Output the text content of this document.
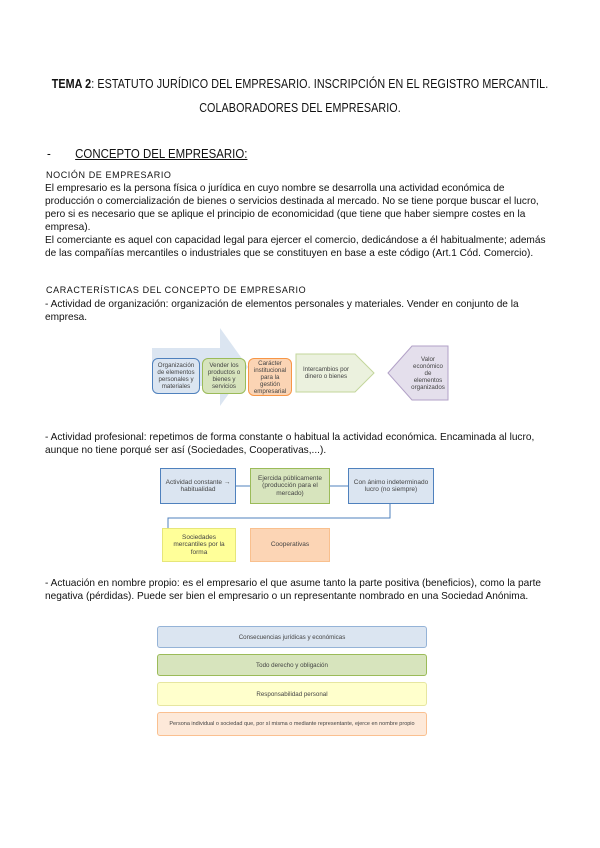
TEMA 2: ESTATUTO JURÍDICO DEL EMPRESARIO. INSCRIPCIÓN EN EL REGISTRO MERCANTIL.
COLABORADORES DEL EMPRESARIO.
- CONCEPTO DEL EMPRESARIO:
NOCIÓN DE EMPRESARIO

El empresario es la persona física o jurídica en cuyo nombre se desarrolla una actividad económica de producción o comercialización de bienes o servicios destinada al mercado. No se tiene porque buscar el lucro, pero si es necesario que se aplique el principio de economicidad (que tiene que haber siempre costes en la empresa).

El comerciante es aquel con capacidad legal para ejercer el comercio, dedicándose a él habitualmente; además de las compañías mercantiles o industriales que se constituyen en base a este código (Art.1 Cód. Comercio).

CARACTERÍSTICAS DEL CONCEPTO DE EMPRESARIO
- Actividad de organización: organización de elementos personales y materiales. Vender en conjunto de la empresa.
Organización de elementos personales y materiales
Vender los productos o bienes y servicios
Carácter institucional para la gestión empresarial
Intercambios por dinero o bienes
Valor económico de elementos organizados
- Actividad profesional: repetimos de forma constante o habitual la actividad económica. Encaminada al lucro, aunque no tiene porqué ser así (Sociedades, Cooperativas,...).
Actividad constante → habitualidad
Ejercida públicamente (producción para el mercado)
Con ánimo indeterminado lucro (no siempre)
Sociedades mercantiles por la forma
Cooperativas
- Actuación en nombre propio: es el empresario el que asume tanto la parte positiva (beneficios), como la parte negativa (pérdidas). Puede ser bien el empresario o un representante nombrado en una Sociedad Anónima.
Consecuencias jurídicas y económicas
Todo derecho y obligación
Responsabilidad personal
Persona individual o sociedad que, por sí misma o mediante representante, ejerce en nombre propio
